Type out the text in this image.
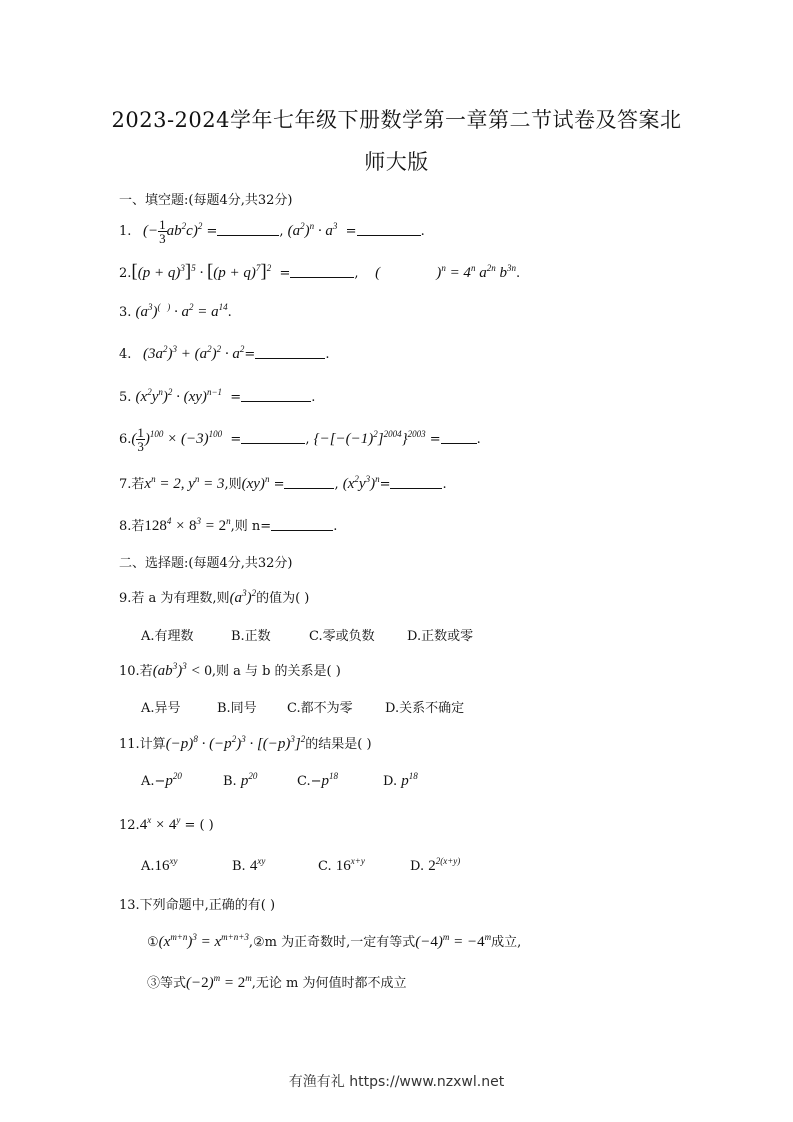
2023-2024学年七年级下册数学第一章第二节试卷及答案北
师大版
一、填空题:(每题4分,共32分)
1.   (− $\frac{1}{3} ab^2c)^2$ =	, $(a^2)^n \cdot a^3$  =	.
$2.[(p + q)^3]^5 \cdot [(p + q)^7]^2$  =	,    (               )$^n = 4^n$ $a^{2n}$ $b^{3n}$.
3. $(a^3)^{( )} \cdot a^2 = a^{14}$.
4.   $(3a^2)^3 + (a^2)^2 \cdot a^2=$	.
5. $(x^2y^n)^2 \cdot (xy)^{n-1}$  =	.
$6.( \frac{1}{3} )^{100} \times (-3)^{100}$  =	, $\{-[-(-1)^2]^{2004}\}^{2003}$ =	.
7.若$x^n = 2$, $y^n = 3$,则(xy)$^n$ =	, $(x^2y^3)^n=$	.
8.若$128^4 \times 8^3 = 2^n$,则 n=	.
二、选择题:(每题4分,共32分)
9.若 a 为有理数,则$(a^3)^2$的值为( )
A.有理数	B.正数	C.零或负数 D.正数或零
10.若$(ab^3)^3 < 0$,则 a 与 b 的关系是( )
A.异号	B.同号 C.都不为零 D.关系不确定
11.计算$(-p)^8 \cdot (-p^2)^3 \cdot [(-p)^3]^2$的结果是( )
$A.-p^{20}$	B. $p^{20}$	$C.-p^{18}$	D. $p^{18}$
$12.4^x \times 4^y$ = ( )
$A.16^{xy}$	B. $4^{xy}$	C. $16^{x+y}$	D. $2^{2(x+y)}$
13.下列命题中,正确的有( )
$①(x^{m+n})^3$ = $x^{m+n+3},②m$ 为正奇数时,一定有等式$(-4)^m = -4^m$成立,
③等式$(-2)^m = 2^m$,无论 m 为何值时都不成立
有渔有礼 https://www.nzxwl.net
